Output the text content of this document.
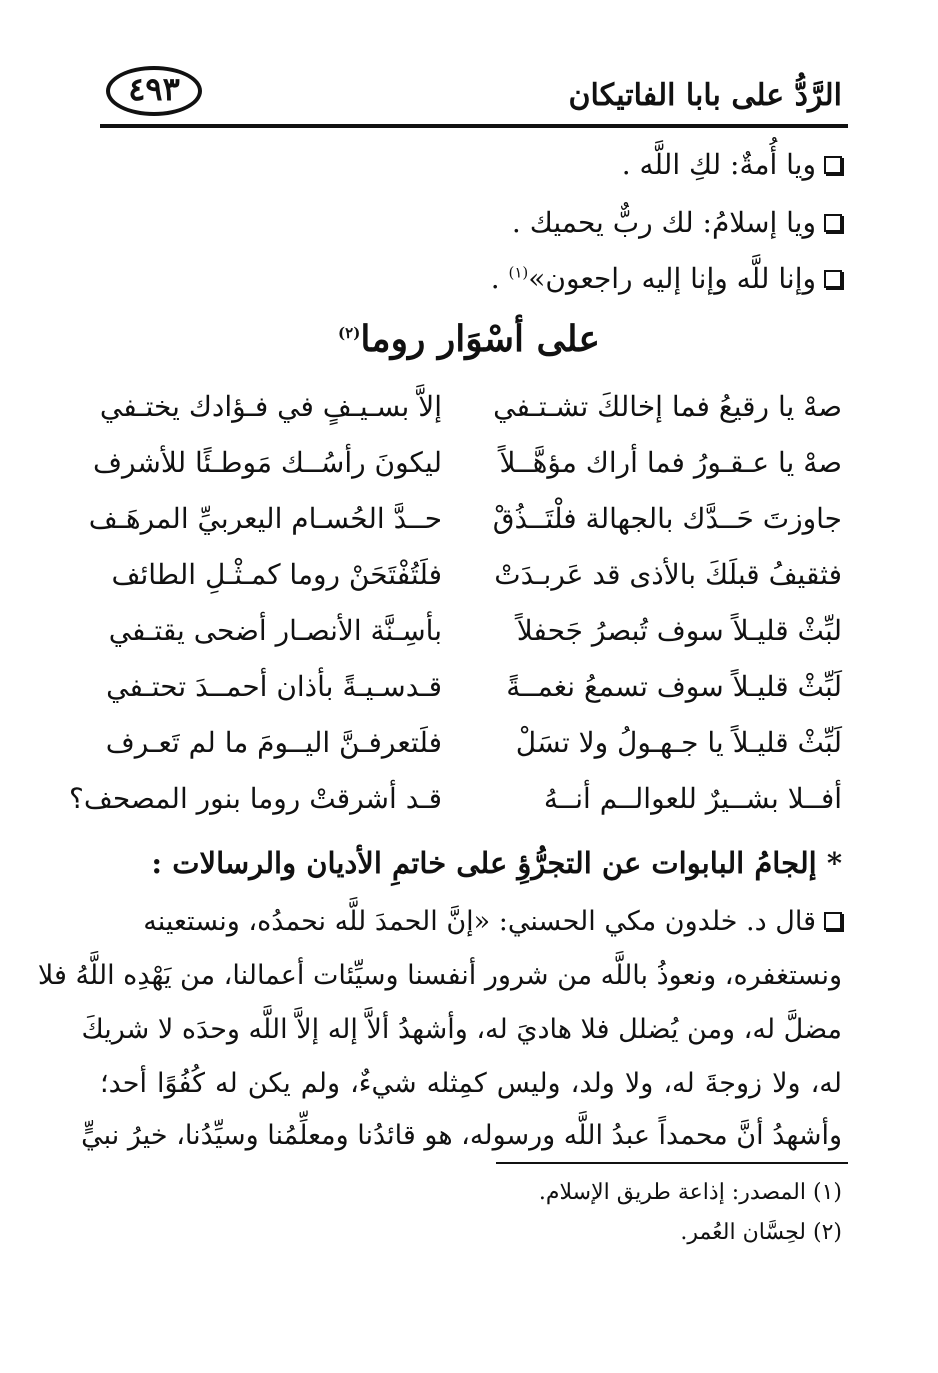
الرَّدُّ على بابا الفاتيكان
٤٩٣
ويا أُمةٌ: لكِ اللَّه .
ويا إسلامُ: لك ربٌّ يحميك .
وإنا للَّه وإنا إليه راجعون»$^{(١)}$ .
على أسْوَار روما$^{(٢)}$
صهْ يا رقيعُ فما إخالكَ تشـتـفي
إلاَّ بسـيـفٍ في فـؤادك يختـفي
صهْ يا عـقـورُ فما أراك مؤهَّــلاً
ليكونَ رأسُــك مَوطـئًا للأشرف
جاوزتَ حَــدَّك بالجهالة فلْتَــذُقْ
حــدَّ الحُسـام اليعربيِّ المرهَـف
فثقيفُ قبلَكَ بالأذى قد عَربـدَتْ
فلَتُفْتَحَنْ روما كمـثْـلِ الطائف
لبِّثْ قليـلاً سوف تُبصرُ جَحفلاً
بأسِـنَّة الأنصـار أضحى يقتـفي
لَبِّثْ قليـلاً سوف تسمعُ نغمــةً
قـدسـيـةً بأذان أحمــدَ تحتـفي
لَبِّثْ قليـلاً يا جـهـولُ ولا تسَلْ
فلَتعرفـنَّ اليــومَ ما لم تَعـرف
أفــلا بشــيرٌ للعوالــم أنــهُ
قـد أشرقتْ روما بنور المصحف؟
* إلجامُ البابوات عن التجرُّؤِ على خاتمِ الأديان والرسالات :
قال د. خلدون مكي الحسني: «إنَّ الحمدَ للَّه نحمدُه، ونستعينه
ونستغفره، ونعوذُ باللَّه من شرور أنفسنا وسيِّئات أعمالنا، من يَهْدِه اللَّهُ فلا
مضلَّ له، ومن يُضلل فلا هاديَ له، وأشهدُ ألاَّ إله إلاَّ اللَّه وحدَه لا شريكَ
له، ولا زوجةَ له، ولا ولد، وليس كمِثله شيءٌ، ولم يكن له كُفُوًا أحد؛
وأشهدُ أنَّ محمداً عبدُ اللَّه ورسوله، هو قائدُنا ومعلِّمُنا وسيِّدُنا، خيرُ نبيٍّ
(١) المصدر: إذاعة طريق الإسلام.
(٢) لحِسَّان العُمر.
